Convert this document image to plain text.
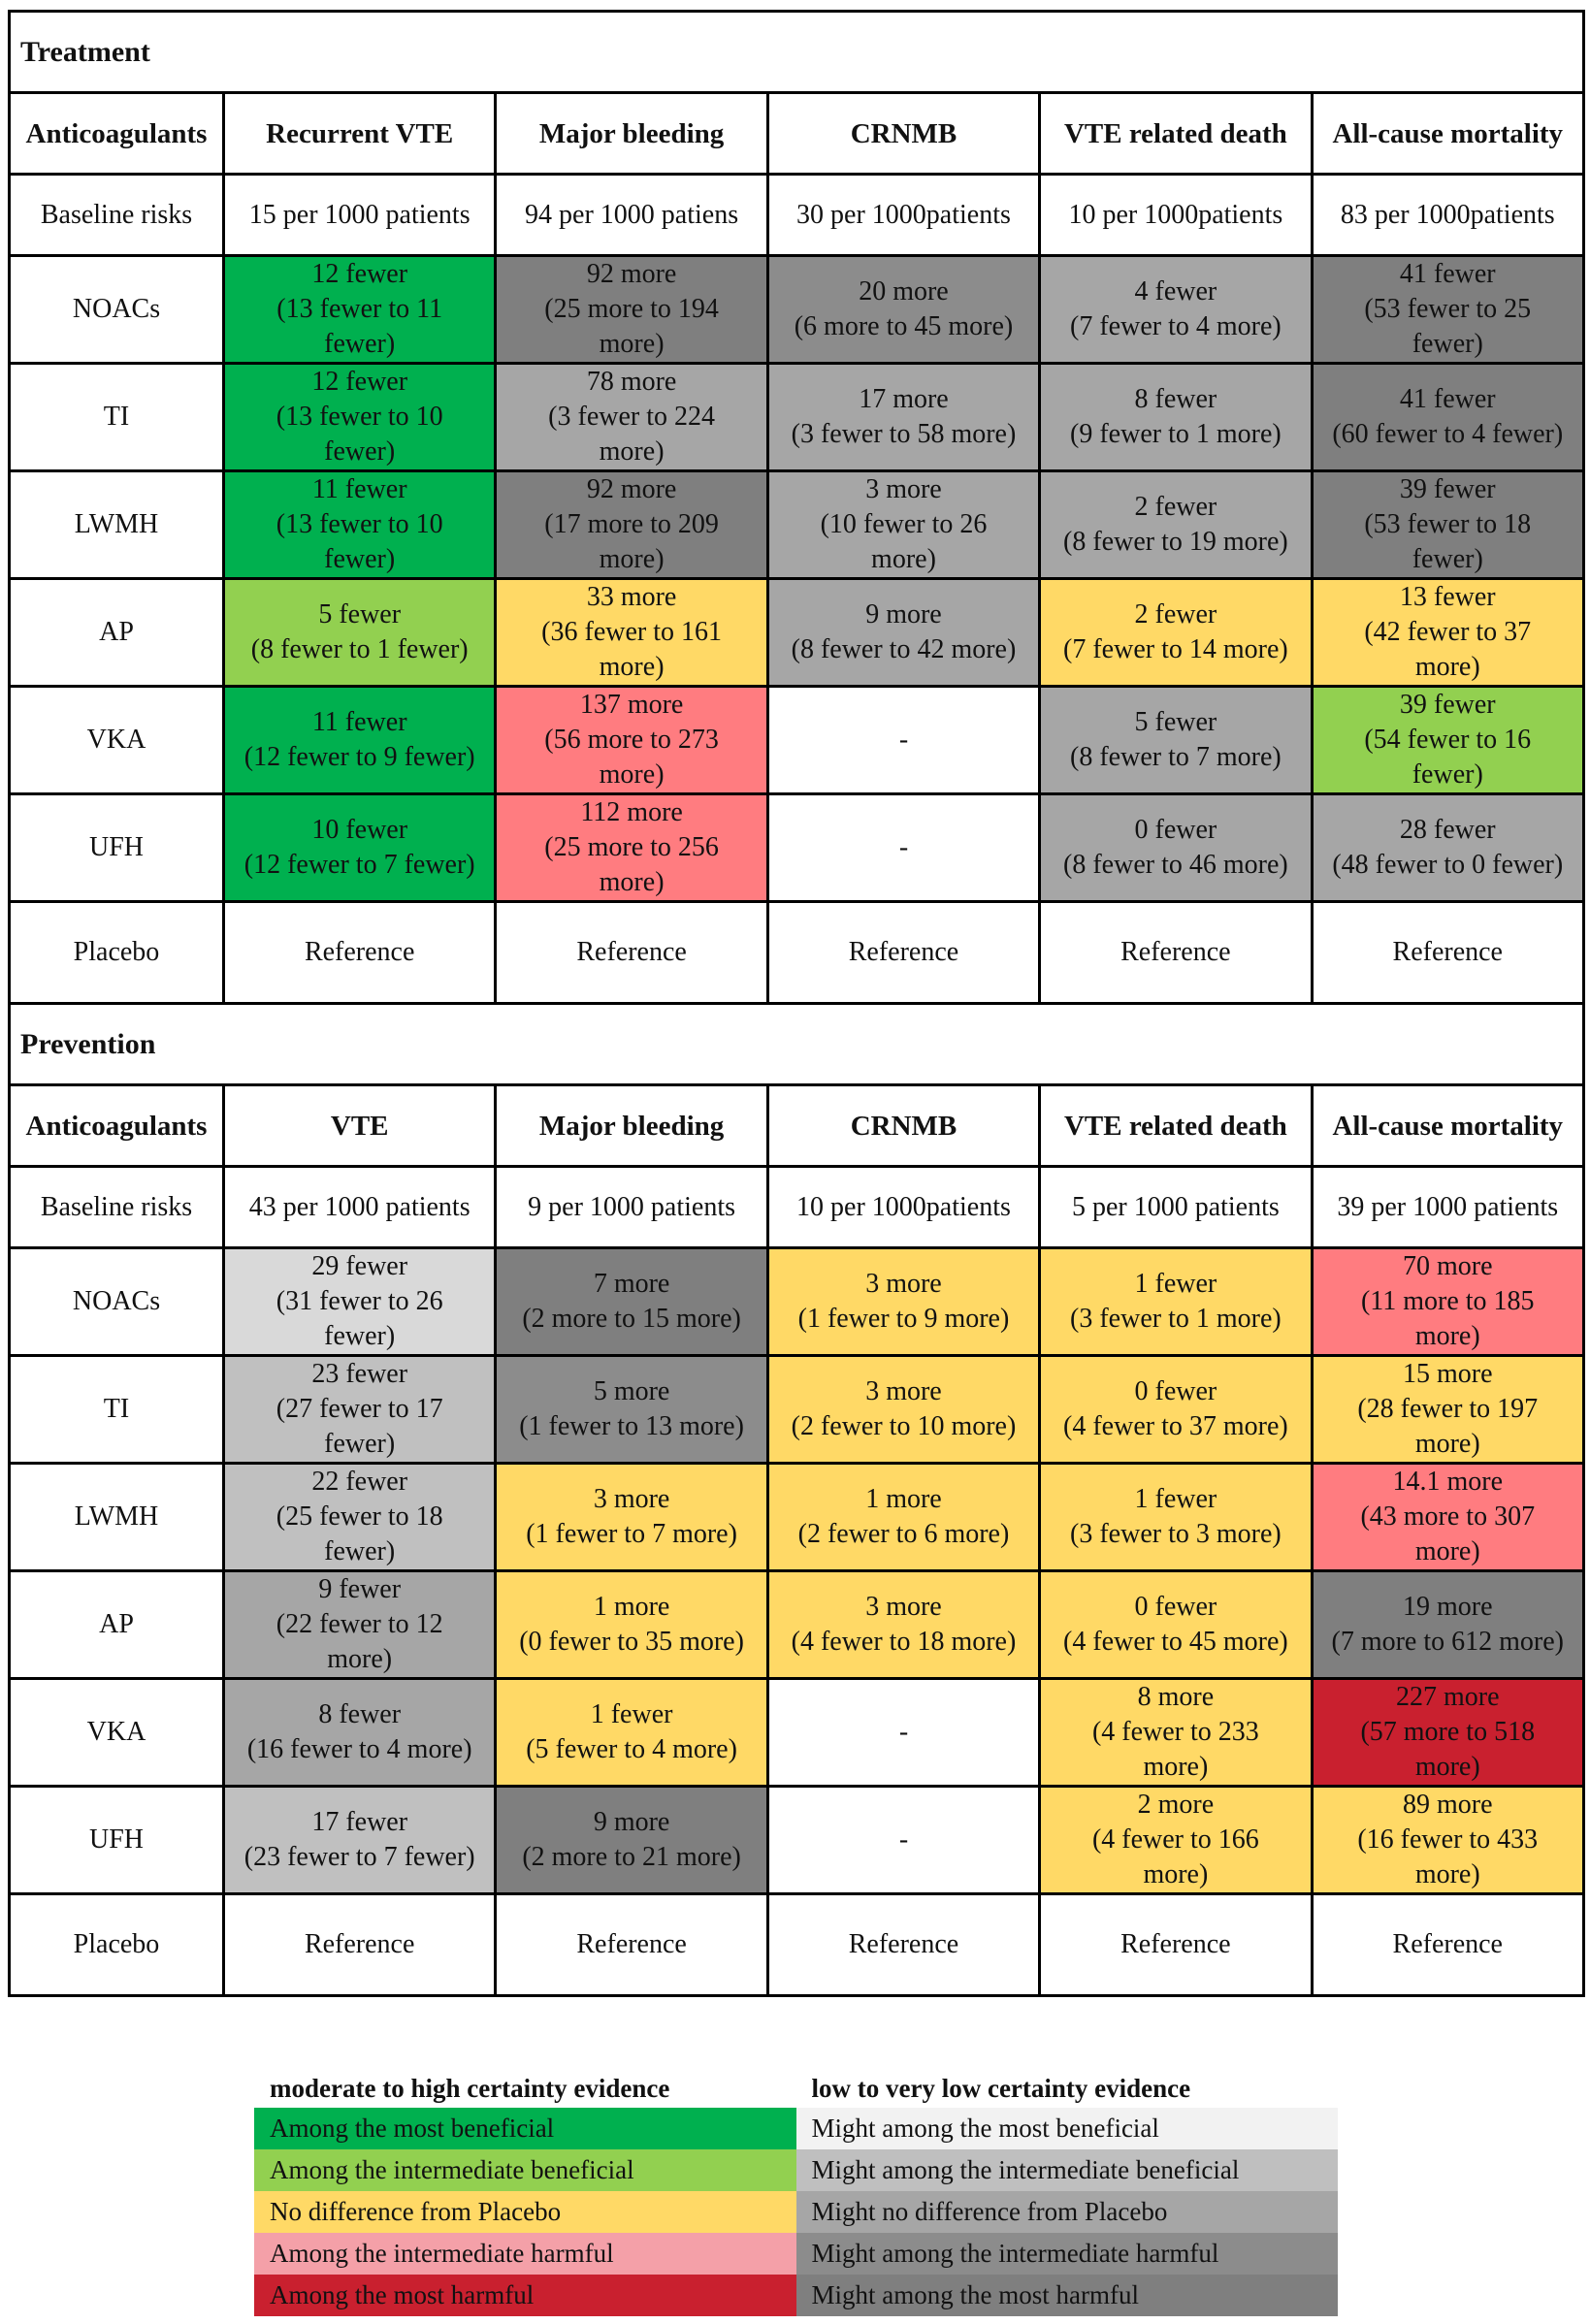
Treatment					

Anticoagulants	Recurrent VTE	Major bleeding	CRNMB	VTE related death	All-cause mortality

Baseline risks	15 per 1000 patients	94 per 1000 patiens	30 per 1000patients	10 per 1000patients	83 per 1000patients

NOACs	12 fewer
(13 fewer to 11
fewer)	92 more
(25 more to 194
more)	20 more
(6 more to 45 more)	4 fewer
(7 fewer to 4 more)	41 fewer
(53 fewer to 25
fewer)

TI	12 fewer
(13 fewer to 10
fewer)	78 more
(3 fewer to 224
more)	17 more
(3 fewer to 58 more)	8 fewer
(9 fewer to 1 more)	41 fewer
(60 fewer to 4 fewer)

LWMH	11 fewer
(13 fewer to 10
fewer)	92 more
(17 more to 209
more)	3 more
(10 fewer to 26
more)	2 fewer
(8 fewer to 19 more)	39 fewer
(53 fewer to 18
fewer)

AP	5 fewer
(8 fewer to 1 fewer)	33 more
(36 fewer to 161
more)	9 more
(8 fewer to 42 more)	2 fewer
(7 fewer to 14 more)	13 fewer
(42 fewer to 37
more)

VKA	11 fewer
(12 fewer to 9 fewer)	137 more
(56 more to 273
more)	-	5 fewer
(8 fewer to 7 more)	39 fewer
(54 fewer to 16
fewer)

UFH	10 fewer
(12 fewer to 7 fewer)	112 more
(25 more to 256
more)	-	0 fewer
(8 fewer to 46 more)	28 fewer
(48 fewer to 0 fewer)

Placebo	Reference	Reference	Reference	Reference	Reference

Prevention					

Anticoagulants	VTE	Major bleeding	CRNMB	VTE related death	All-cause mortality

Baseline risks	43 per 1000 patients	9 per 1000 patients	10 per 1000patients	5 per 1000 patients	39 per 1000 patients

NOACs	29 fewer
(31 fewer to 26
fewer)	7 more
(2 more to 15 more)	3 more
(1 fewer to 9 more)	1 fewer
(3 fewer to 1 more)	70 more
(11 more to 185
more)

TI	23 fewer
(27 fewer to 17
fewer)	5 more
(1 fewer to 13 more)	3 more
(2 fewer to 10 more)	0 fewer
(4 fewer to 37 more)	15 more
(28 fewer to 197
more)

LWMH	22 fewer
(25 fewer to 18
fewer)	3 more
(1 fewer to 7 more)	1 more
(2 fewer to 6 more)	1 fewer
(3 fewer to 3 more)	14.1 more
(43 more to 307
more)

AP	9 fewer
(22 fewer to 12
more)	1 more
(0 fewer to 35 more)	3 more
(4 fewer to 18 more)	0 fewer
(4 fewer to 45 more)	19 more
(7 more to 612 more)

VKA	8 fewer
(16 fewer to 4 more)	1 fewer
(5 fewer to 4 more)	-	8 more
(4 fewer to 233
more)	227 more
(57 more to 518
more)

UFH	17 fewer
(23 fewer to 7 fewer)	9 more
(2 more to 21 more)	-	2 more
(4 fewer to 166
more)	89 more
(16 fewer to 433
more)

Placebo	Reference	Reference	Reference	Reference	Reference
moderate to high certainty evidence	low to very low certainty evidence
Among the most beneficial	Might among the most beneficial
Among the intermediate beneficial	Might among the intermediate beneficial
No difference from Placebo	Might no difference from Placebo
Among the intermediate harmful	Might among the intermediate harmful
Among the most harmful	Might among the most harmful
